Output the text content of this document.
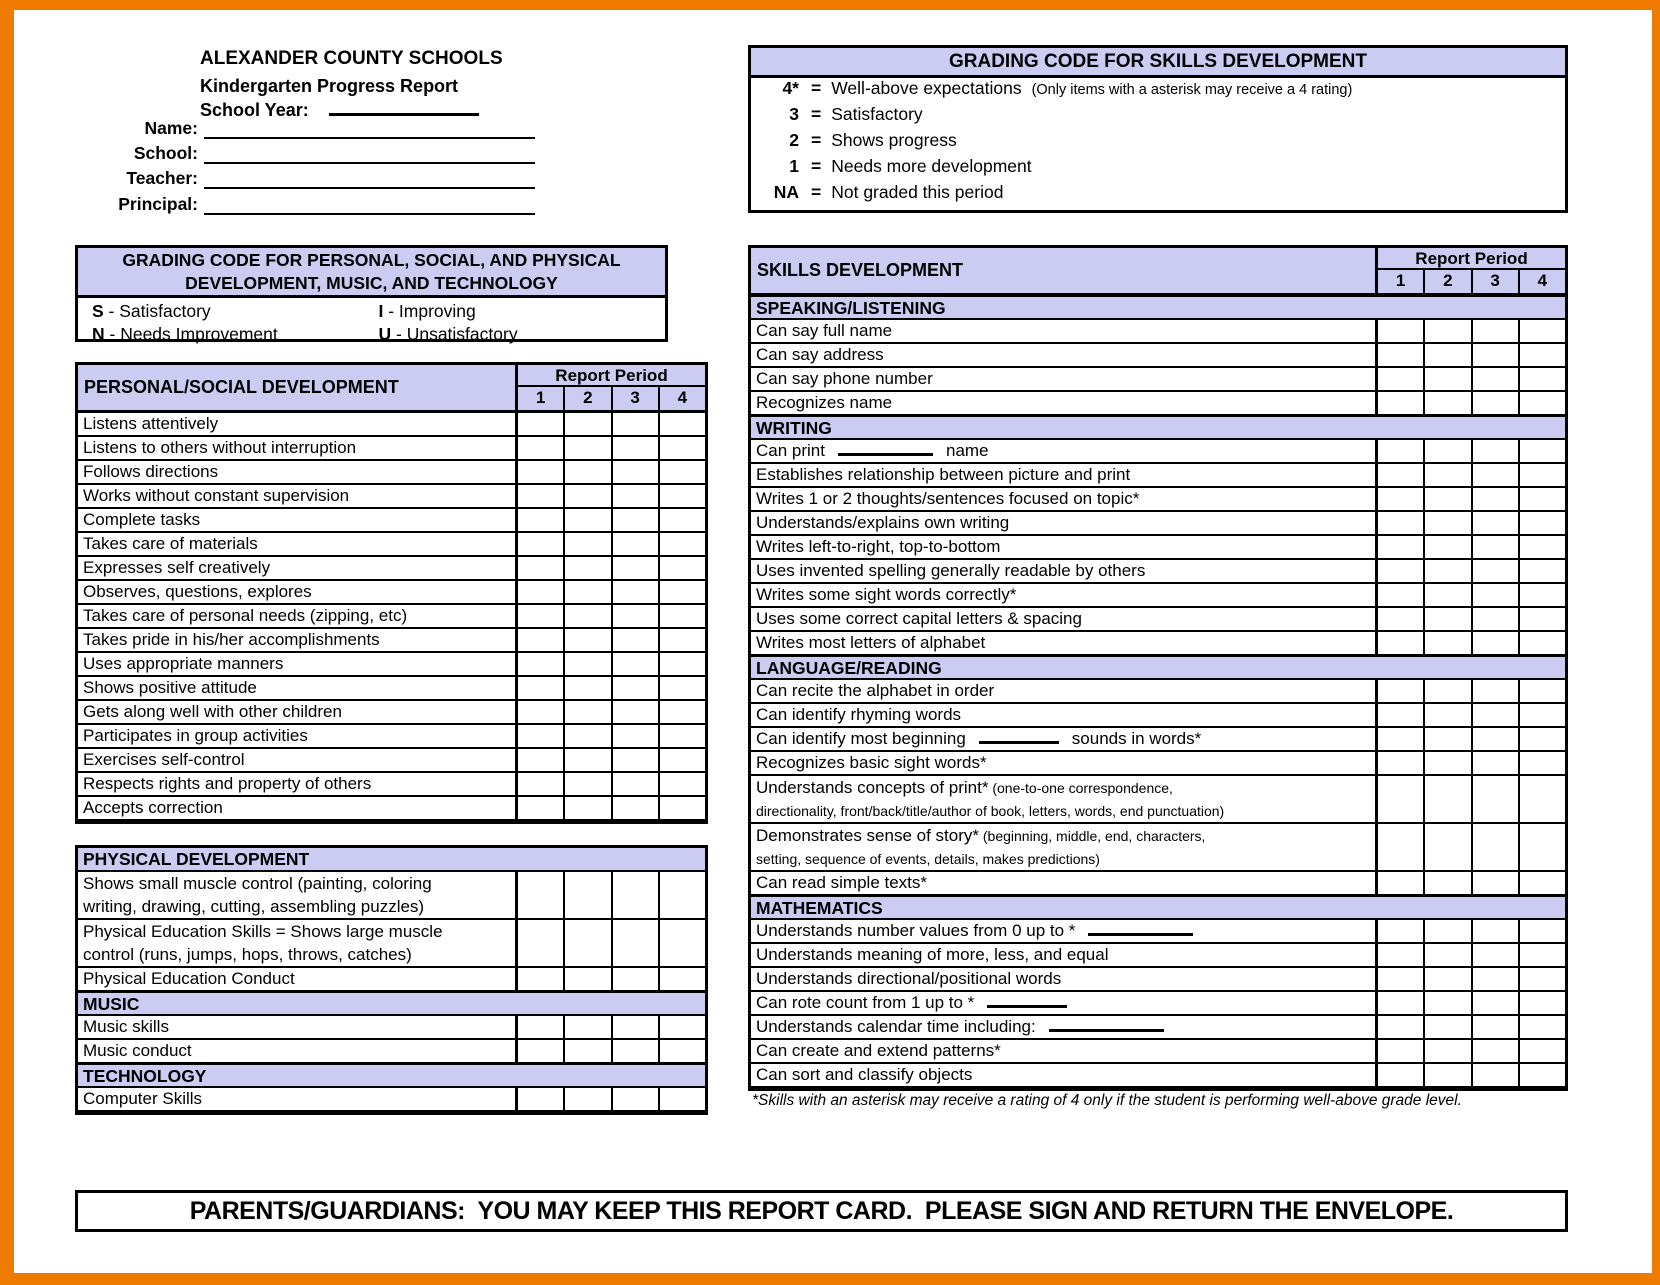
ALEXANDER COUNTY SCHOOLS
Kindergarten Progress Report
School Year:
Name:
School:
Teacher:
Principal:
GRADING CODE FOR SKILLS DEVELOPMENT
4* = Well-above expectations (Only items with a asterisk may receive a 4 rating)
3 = Satisfactory
2 = Shows progress
1 = Needs more development
NA = Not graded this period
GRADING CODE FOR PERSONAL, SOCIAL, AND PHYSICAL
DEVELOPMENT, MUSIC, AND TECHNOLOGY
S - Satisfactory	I - Improving
N - Needs Improvement	U - Unsatisfactory
PERSONAL/SOCIAL DEVELOPMENT
Report Period
1	2	3	4
Listens attentively
Listens to others without interruption
Follows directions
Works without constant supervision
Complete tasks
Takes care of materials
Expresses self creatively
Observes, questions, explores
Takes care of personal needs (zipping, etc)
Takes pride in his/her accomplishments
Uses appropriate manners
Shows positive attitude
Gets along well with other children
Participates in group activities
Exercises self-control
Respects rights and property of others
Accepts correction
PHYSICAL DEVELOPMENT
Shows small muscle control (painting, coloring
writing, drawing, cutting, assembling puzzles)
Physical Education Skills = Shows large muscle
control (runs, jumps, hops, throws, catches)
Physical Education Conduct
MUSIC
Music skills
Music conduct
TECHNOLOGY
Computer Skills
SKILLS DEVELOPMENT
Report Period
1	2	3	4
SPEAKING/LISTENING
Can say full name
Can say address
Can say phone number
Recognizes name
WRITING
Can print	name
Establishes relationship between picture and print
Writes 1 or 2 thoughts/sentences focused on topic*
Understands/explains own writing
Writes left-to-right, top-to-bottom
Uses invented spelling generally readable by others
Writes some sight words correctly*
Uses some correct capital letters & spacing
Writes most letters of alphabet
LANGUAGE/READING
Can recite the alphabet in order
Can identify rhyming words
Can identify most beginning	sounds in words*
Recognizes basic sight words*
Understands concepts of print* (one-to-one correspondence,
directionality, front/back/title/author of book, letters, words, end punctuation)
Demonstrates sense of story* (beginning, middle, end, characters,
setting, sequence of events, details, makes predictions)
Can read simple texts*
MATHEMATICS
Understands number values from 0 up to *
Understands meaning of more, less, and equal
Understands directional/positional words
Can rote count from 1 up to *
Understands calendar time including:
Can create and extend patterns*
Can sort and classify objects
*Skills with an asterisk may receive a rating of 4 only if the student is performing well-above grade level.
PARENTS/GUARDIANS:  YOU MAY KEEP THIS REPORT CARD.  PLEASE SIGN AND RETURN THE ENVELOPE.
